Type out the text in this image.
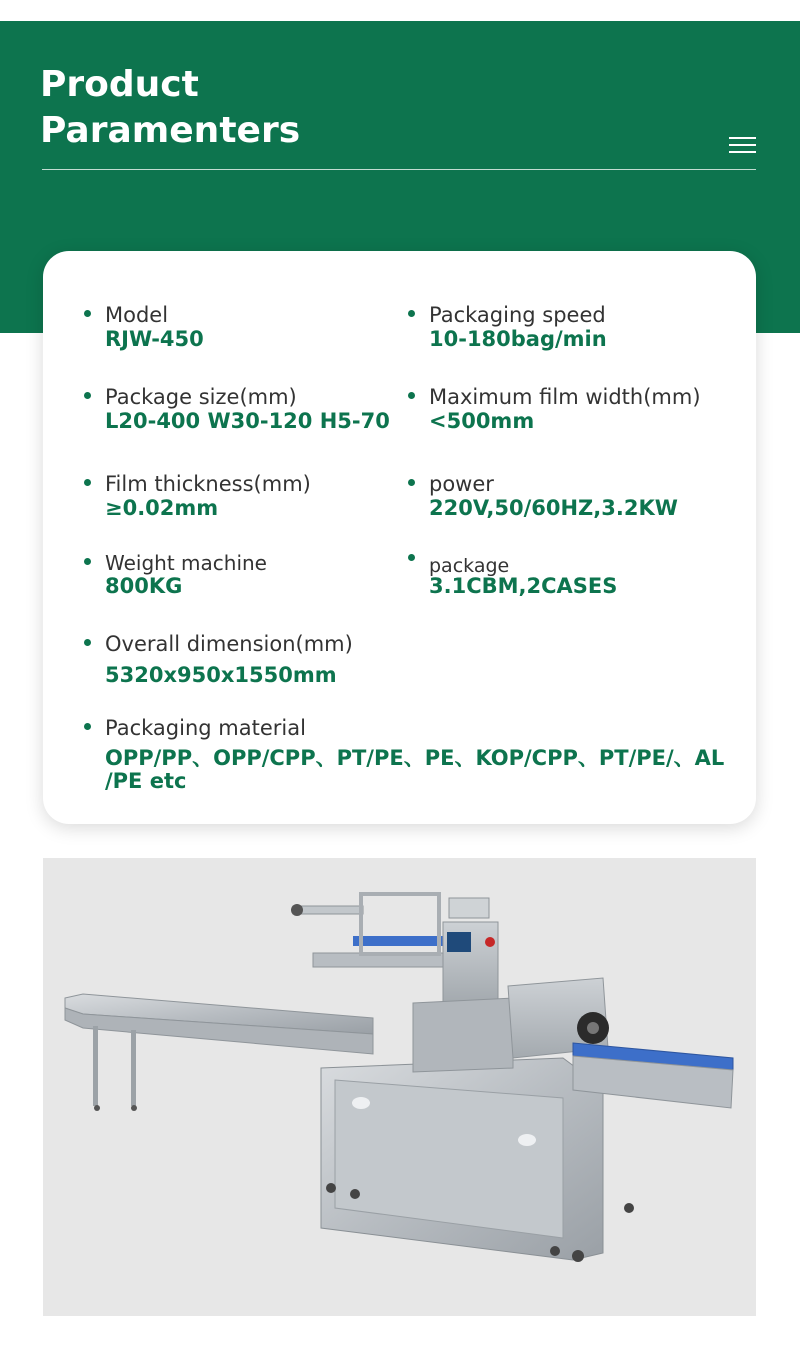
Product
Paramenters
Model
RJW-450
Packaging speed
10-180bag/min
Package size(mm)
L20-400 W30-120 H5-70
Maximum film width(mm)
<500mm
Film thickness(mm)
≥0.02mm
power
220V,50/60HZ,3.2KW
Weight machine
800KG
package
3.1CBM,2CASES
Overall dimension(mm)
5320x950x1550mm
Packaging material
OPP/PP、OPP/CPP、PT/PE、PE、KOP/CPP、PT/PE/、AL /PE etc
